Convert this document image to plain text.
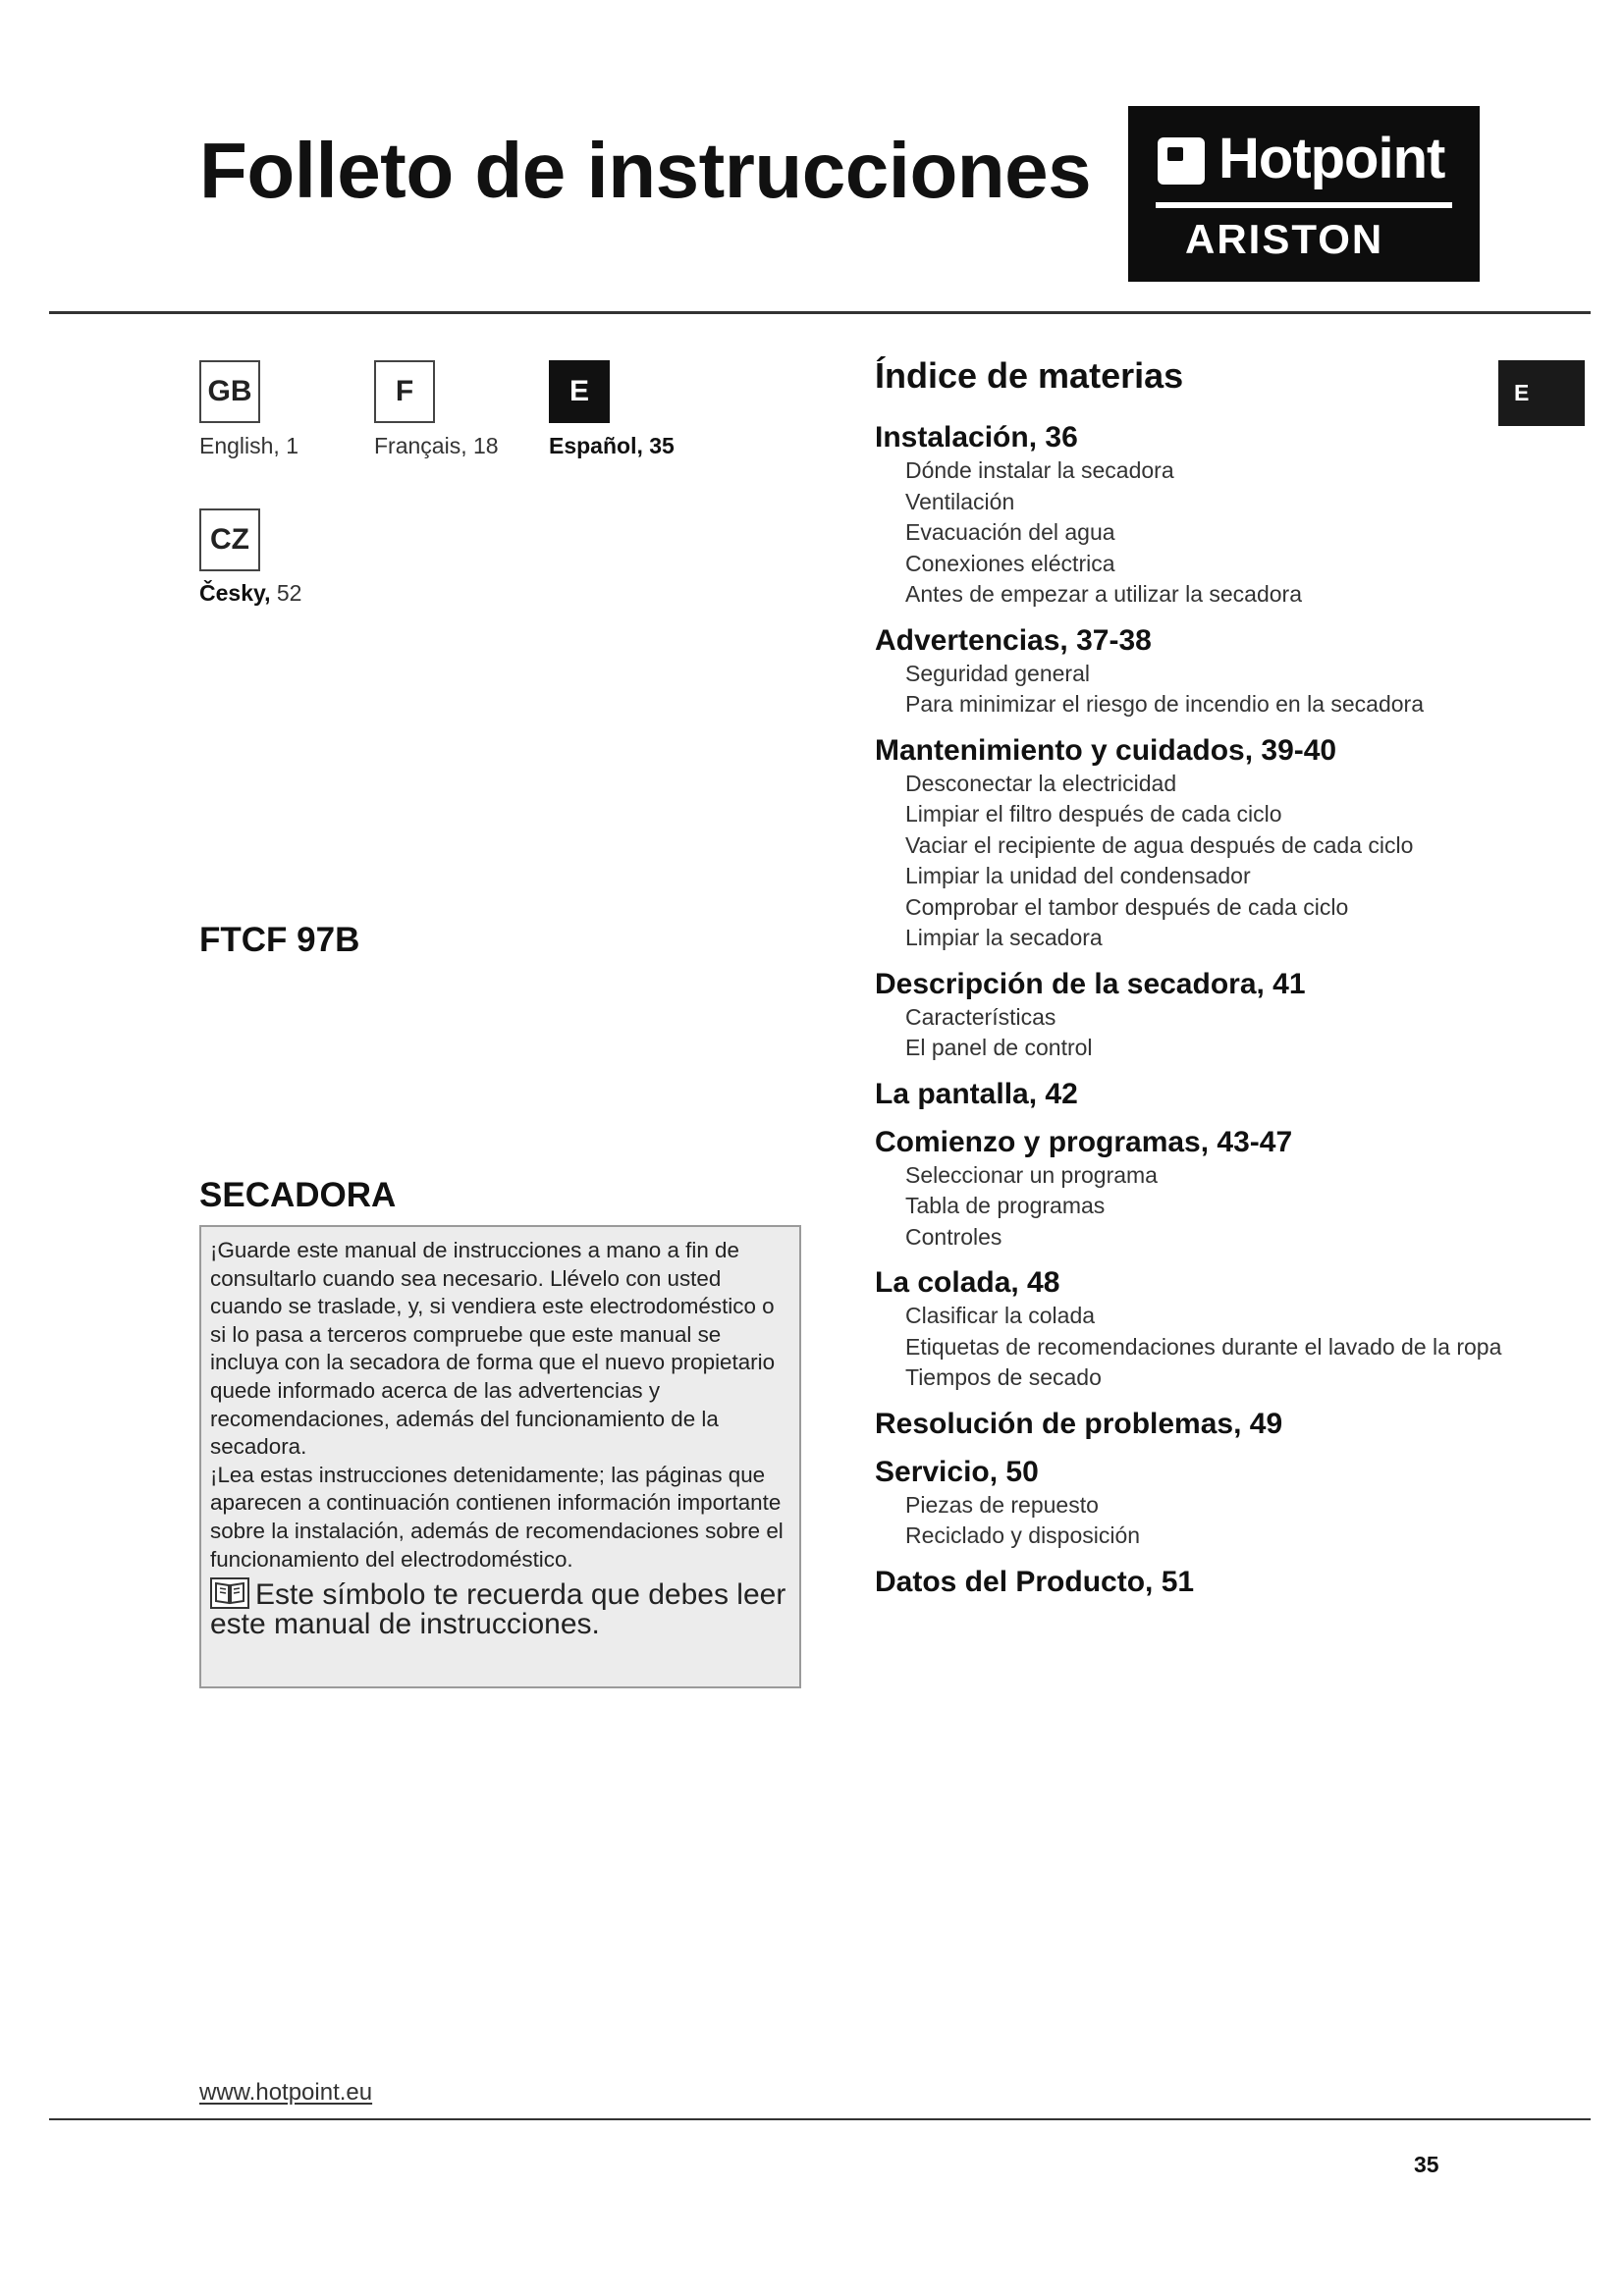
Folleto de instrucciones Hotpoint
ARISTON
GB
English, 1
F
Français, 18
E
Español, 35
CZ
Česky, 52
FTCF 97B
SECADORA

¡Guarde este manual de instrucciones a mano a fin de consultarlo cuando sea necesario. Llévelo con usted cuando se traslade, y, si vendiera este electrodoméstico o si lo pasa a terceros compruebe que este manual se incluya con la secadora de forma que el nuevo propietario quede informado acerca de las advertencias y recomendaciones, además del funcionamiento de la secadora.

¡Lea estas instrucciones detenidamente; las páginas que aparecen a continuación contienen información importante sobre la instalación, además de recomendaciones sobre el funcionamiento del electrodoméstico.

Este símbolo te recuerda que debes leer este manual de instrucciones.

E
Índice de materias
Instalación, 36
Dónde instalar la secadora
Ventilación
Evacuación del agua
Conexiones eléctrica
Antes de empezar a utilizar la secadora
Advertencias, 37-38
Seguridad general
Para minimizar el riesgo de incendio en la secadora
Mantenimiento y cuidados, 39-40
Desconectar la electricidad
Limpiar el filtro después de cada ciclo
Vaciar el recipiente de agua después de cada ciclo
Limpiar la unidad del condensador
Comprobar el tambor después de cada ciclo
Limpiar la secadora
Descripción de la secadora, 41
Características
El panel de control
La pantalla, 42
Comienzo y programas, 43-47
Seleccionar un programa
Tabla de programas
Controles
La colada, 48
Clasificar la colada
Etiquetas de recomendaciones durante el lavado de la ropa
Tiempos de secado
Resolución de problemas, 49
Servicio, 50
Piezas de repuesto
Reciclado y disposición
Datos del Producto, 51
www.hotpoint.eu
35
